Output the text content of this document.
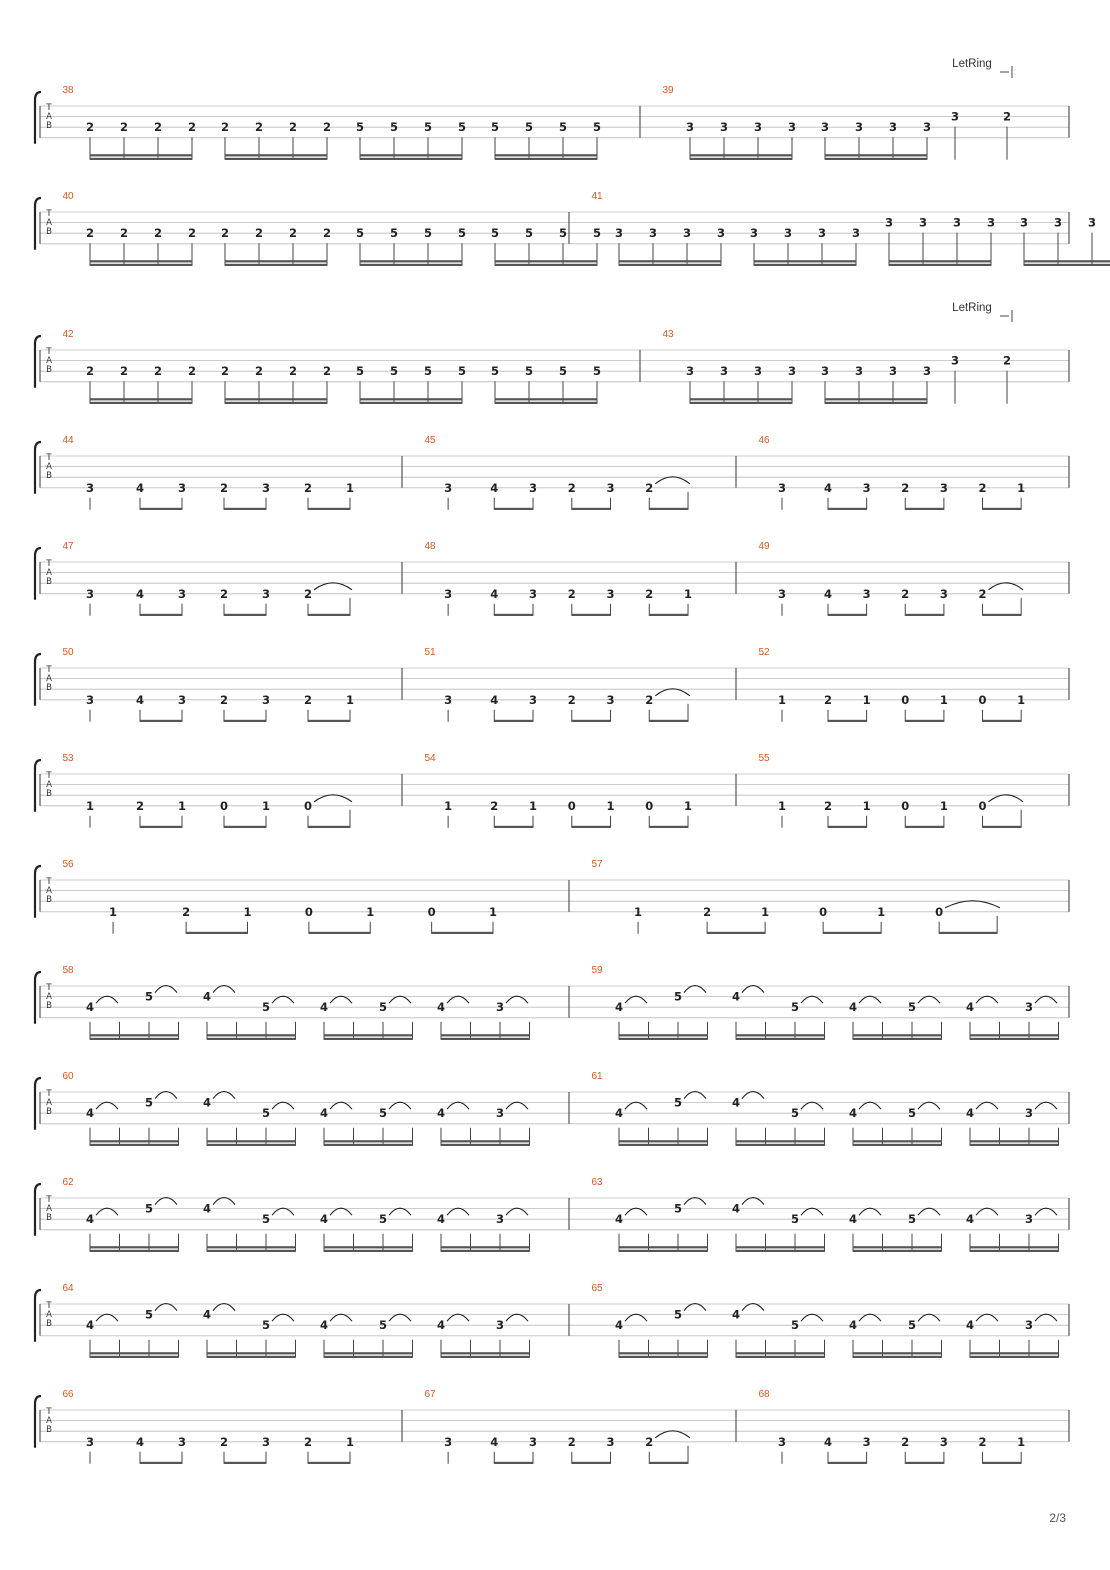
T
A
B
38
2 2 2 2 2 2 2 2 5 5 5 5 5 5 5 5
39
3 3 3 3 3 3 3 3
3	2
LetRing
T
A
B
40
2 2 2 2 2 2 2 2 5 5 5 5 5 5 5 5
41
3 3 3 3 3 3 3 3
3 3 3 3 3 3 3
T
A
B
42
2 2 2 2 2 2 2 2 5 5 5 5 5 5 5 5
43
3 3 3 3 3 3 3 3
3	2
LetRing
T
A
B
44
3	4	3	2	3	2	1
45
3	4	3	2	3	2
46
3	4	3	2	3	2	1
T
A
B
47
3	4	3	2	3	2
48
3	4	3	2	3	2	1
49
3	4	3	2	3	2
T
A
B
50
3	4	3	2	3	2	1
51
3	4	3	2	3	2
52
1	2	1	0	1	0	1
T
A
B
53
1	2	1	0	1	0
54
1	2	1	0	1	0	1
55
1	2	1	0	1	0
T
A
B
56
1	2	1	0	1	0	1
57
1	2	1	0	1	0
T
A
B
58
4
5	4
5	4	5	4	3
59
4
5	4
5	4	5	4	3
T
A
B
60
4
5	4
5	4	5	4	3
61
4
5	4
5	4	5	4	3
T
A
B
62
4
5	4
5	4	5	4	3
63
4
5	4
5	4	5	4	3
T
A
B
64
4
5	4
5	4	5	4	3
65
4
5	4
5	4	5	4	3
T
A
B
66
3	4	3	2	3	2	1
67
3	4	3	2	3	2
68
3	4	3	2	3	2	1
2/3
